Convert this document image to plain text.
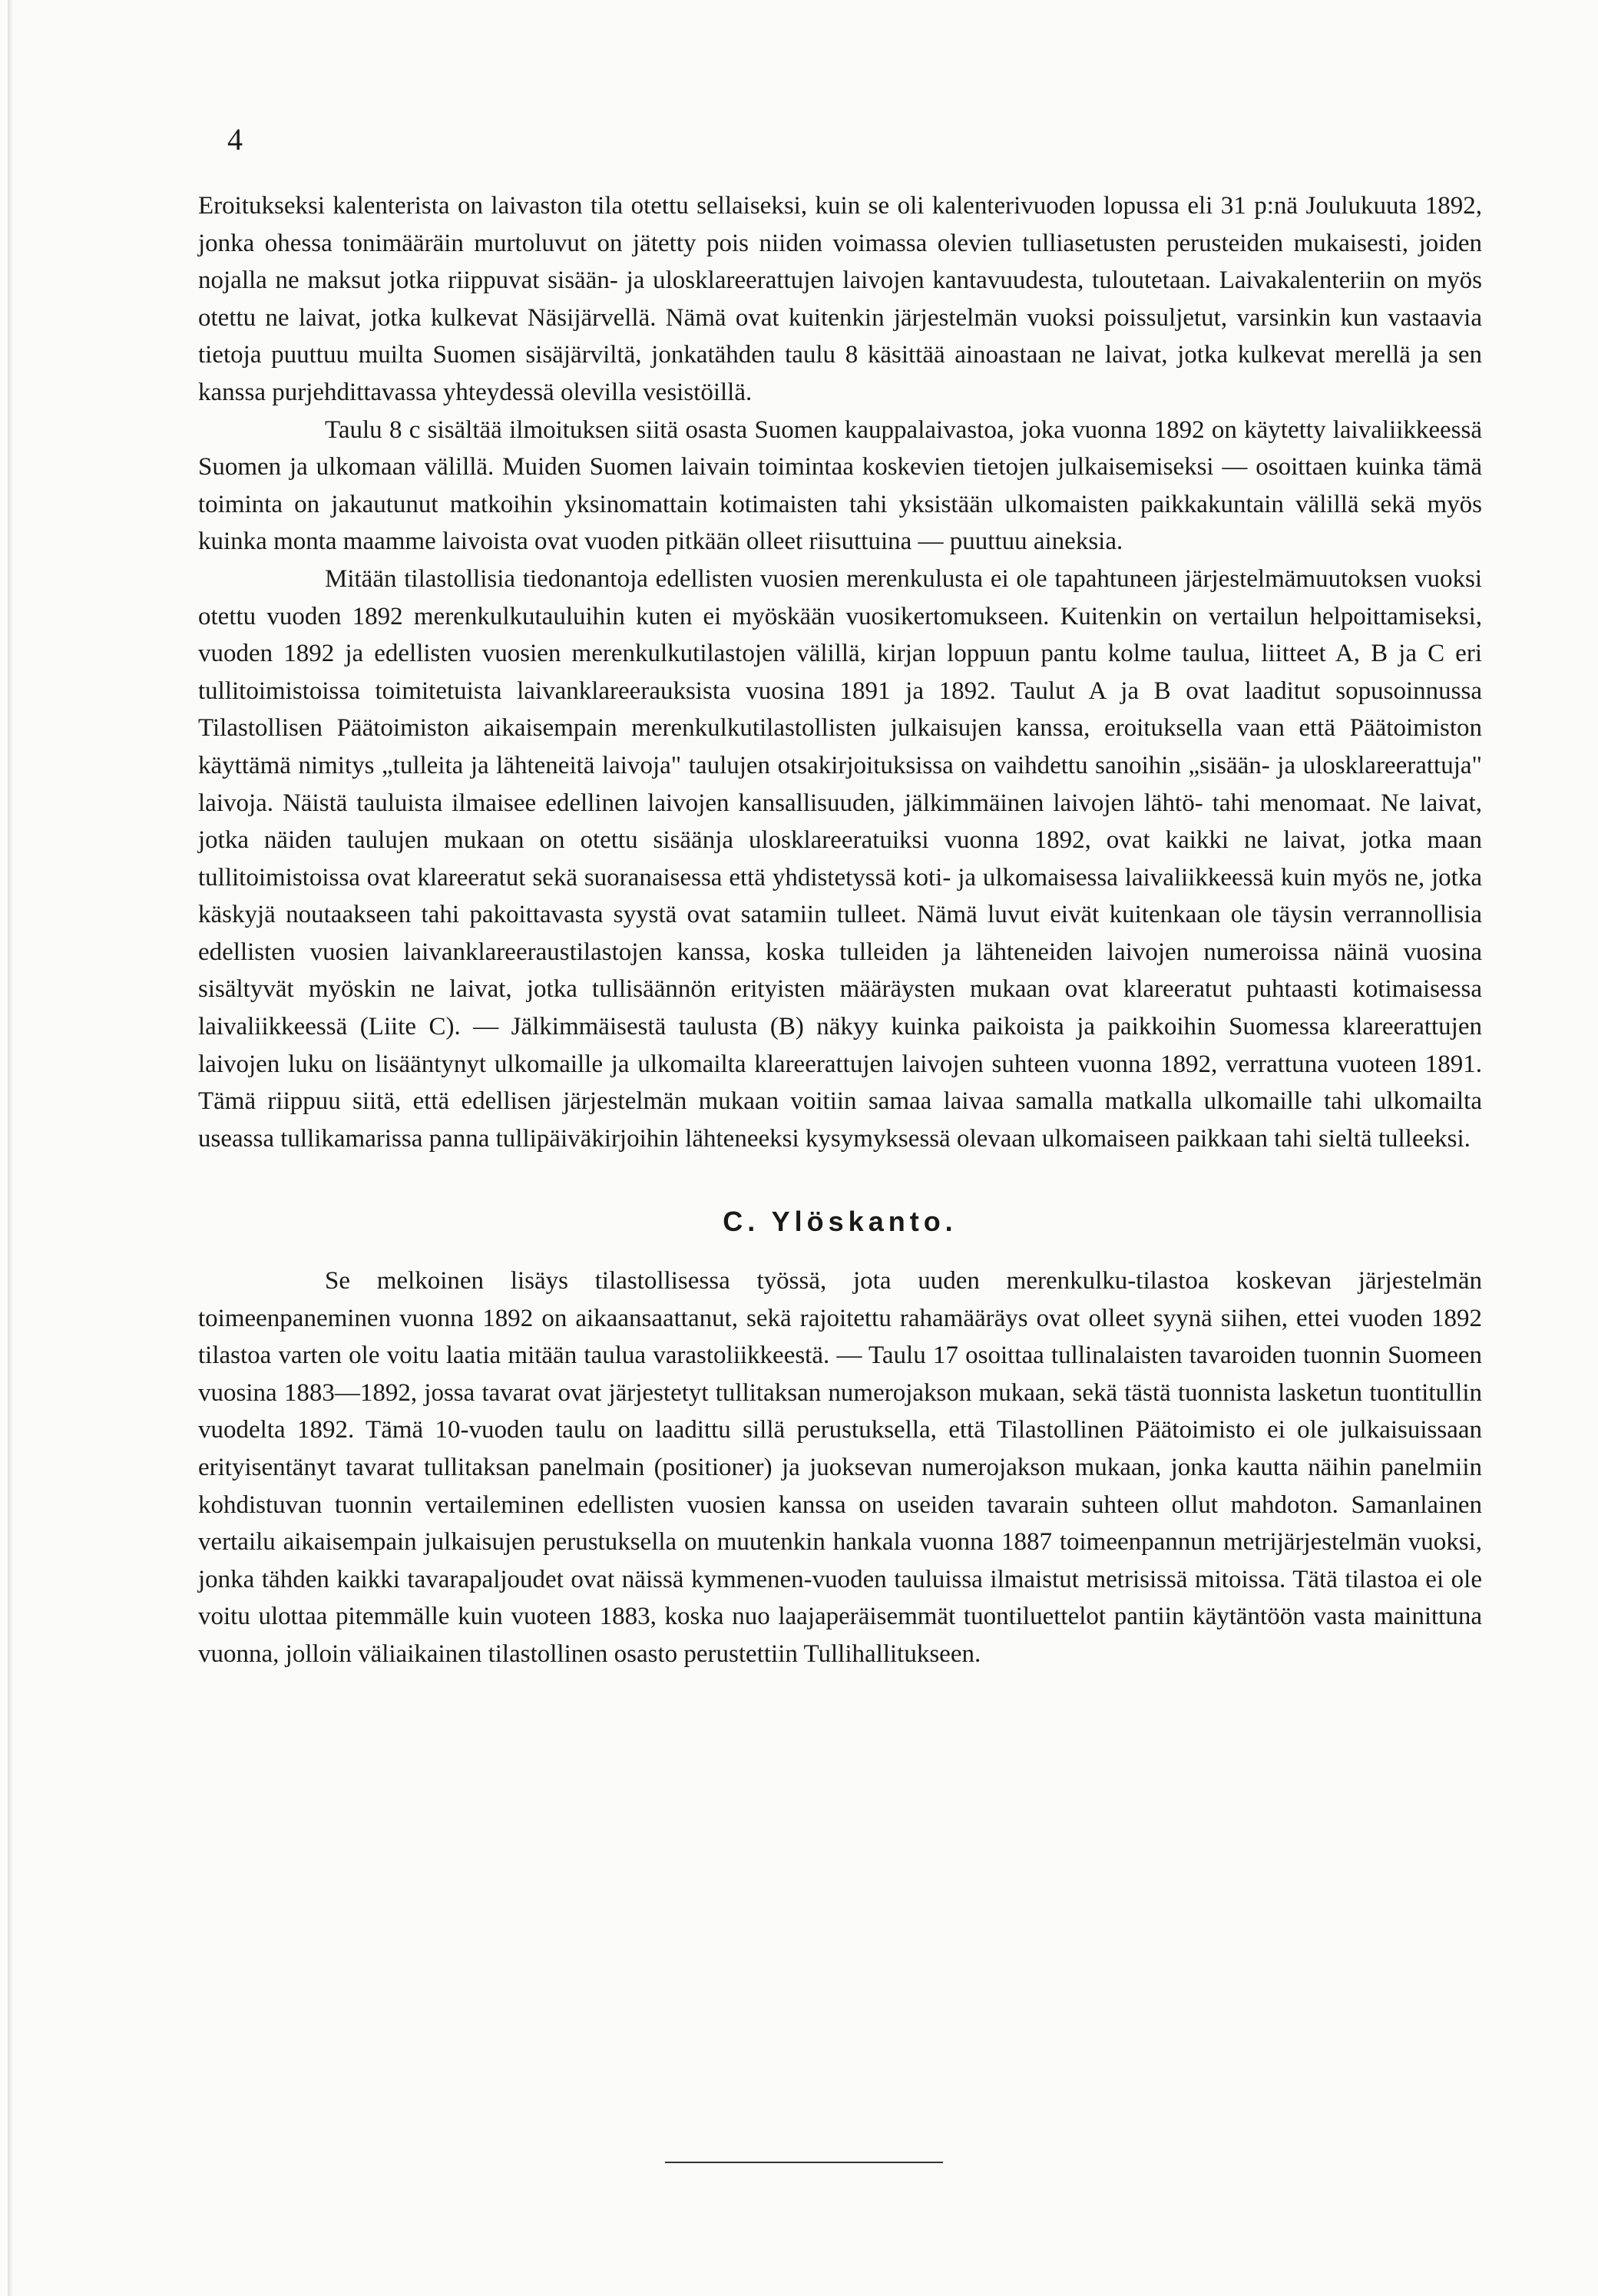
4

Eroitukseksi kalenterista on laivaston tila otettu sellaiseksi, kuin se oli kalenterivuoden lopussa eli 31 p:nä Joulukuuta 1892, jonka ohessa tonimääräin murtoluvut on jätetty pois niiden voimassa olevien tulliasetusten perusteiden mukaisesti, joiden nojalla ne maksut jotka riippuvat sisään- ja ulosklareerattujen laivojen kantavuudesta, tuloutetaan. Laivakalenteriin on myös otettu ne laivat, jotka kulkevat Näsijärvellä. Nämä ovat kuitenkin järjestelmän vuoksi poissuljetut, varsinkin kun vastaavia tietoja puuttuu muilta Suomen sisäjärviltä, jonkatähden taulu 8 käsittää ainoastaan ne laivat, jotka kulkevat merellä ja sen kanssa purjehdittavassa yhteydessä olevilla vesistöillä.

Taulu 8 c sisältää ilmoituksen siitä osasta Suomen kauppalaivastoa, joka vuonna 1892 on käytetty laivaliikkeessä Suomen ja ulkomaan välillä. Muiden Suomen laivain toimintaa koskevien tietojen julkaisemiseksi — osoittaen kuinka tämä toiminta on jakautunut matkoihin yksinomattain kotimaisten tahi yksistään ulkomaisten paikkakuntain välillä sekä myös kuinka monta maamme laivoista ovat vuoden pitkään olleet riisuttuina — puuttuu aineksia.

Mitään tilastollisia tiedonantoja edellisten vuosien merenkulusta ei ole tapahtuneen järjestelmämuutoksen vuoksi otettu vuoden 1892 merenkulkutauluihin kuten ei myöskään vuosikertomukseen. Kuitenkin on vertailun helpoittamiseksi, vuoden 1892 ja edellisten vuosien merenkulkutilastojen välillä, kirjan loppuun pantu kolme taulua, liitteet A, B ja C eri tullitoimistoissa toimitetuista laivanklareerauksista vuosina 1891 ja 1892. Taulut A ja B ovat laaditut sopusoinnussa Tilastollisen Päätoimiston aikaisempain merenkulkutilastollisten julkaisujen kanssa, eroituksella vaan että Päätoimiston käyttämä nimitys „tulleita ja lähteneitä laivoja" taulujen otsakirjoituksissa on vaihdettu sanoihin „sisään- ja ulosklareerattuja" laivoja. Näistä tauluista ilmaisee edellinen laivojen kansallisuuden, jälkimmäinen laivojen lähtö- tahi menomaat. Ne laivat, jotka näiden taulujen mukaan on otettu sisäänja ulosklareeratuiksi vuonna 1892, ovat kaikki ne laivat, jotka maan tullitoimistoissa ovat klareeratut sekä suoranaisessa että yhdistetyssä koti- ja ulkomaisessa laivaliikkeessä kuin myös ne, jotka käskyjä noutaakseen tahi pakoittavasta syystä ovat satamiin tulleet. Nämä luvut eivät kuitenkaan ole täysin verrannollisia edellisten vuosien laivanklareeraustilastojen kanssa, koska tulleiden ja lähteneiden laivojen numeroissa näinä vuosina sisältyvät myöskin ne laivat, jotka tullisäännön erityisten määräysten mukaan ovat klareeratut puhtaasti kotimaisessa laivaliikkeessä (Liite C). — Jälkimmäisestä taulusta (B) näkyy kuinka paikoista ja paikkoihin Suomessa klareerattujen laivojen luku on lisääntynyt ulkomaille ja ulkomailta klareerattujen laivojen suhteen vuonna 1892, verrattuna vuoteen 1891. Tämä riippuu siitä, että edellisen järjestelmän mukaan voitiin samaa laivaa samalla matkalla ulkomaille tahi ulkomailta useassa tullikamarissa panna tullipäiväkirjoihin lähteneeksi kysymyksessä olevaan ulkomaiseen paikkaan tahi sieltä tulleeksi.

C. Ylöskanto.

Se melkoinen lisäys tilastollisessa työssä, jota uuden merenkulku-tilastoa koskevan järjestelmän toimeenpaneminen vuonna 1892 on aikaansaattanut, sekä rajoitettu rahamääräys ovat olleet syynä siihen, ettei vuoden 1892 tilastoa varten ole voitu laatia mitään taulua varastoliikkeestä. — Taulu 17 osoittaa tullinalaisten tavaroiden tuonnin Suomeen vuosina 1883—1892, jossa tavarat ovat järjestetyt tullitaksan numerojakson mukaan, sekä tästä tuonnista lasketun tuontitullin vuodelta 1892. Tämä 10-vuoden taulu on laadittu sillä perustuksella, että Tilastollinen Päätoimisto ei ole julkaisuissaan erityisentänyt tavarat tullitaksan panelmain (positioner) ja juoksevan numerojakson mukaan, jonka kautta näihin panelmiin kohdistuvan tuonnin vertaileminen edellisten vuosien kanssa on useiden tavarain suhteen ollut mahdoton. Samanlainen vertailu aikaisempain julkaisujen perustuksella on muutenkin hankala vuonna 1887 toimeenpannun metrijärjestelmän vuoksi, jonka tähden kaikki tavarapaljoudet ovat näissä kymmenen-vuoden tauluissa ilmaistut metrisissä mitoissa. Tätä tilastoa ei ole voitu ulottaa pitemmälle kuin vuoteen 1883, koska nuo laajaperäisemmät tuontiluettelot pantiin käytäntöön vasta mainittuna vuonna, jolloin väliaikainen tilastollinen osasto perustettiin Tullihallitukseen.
